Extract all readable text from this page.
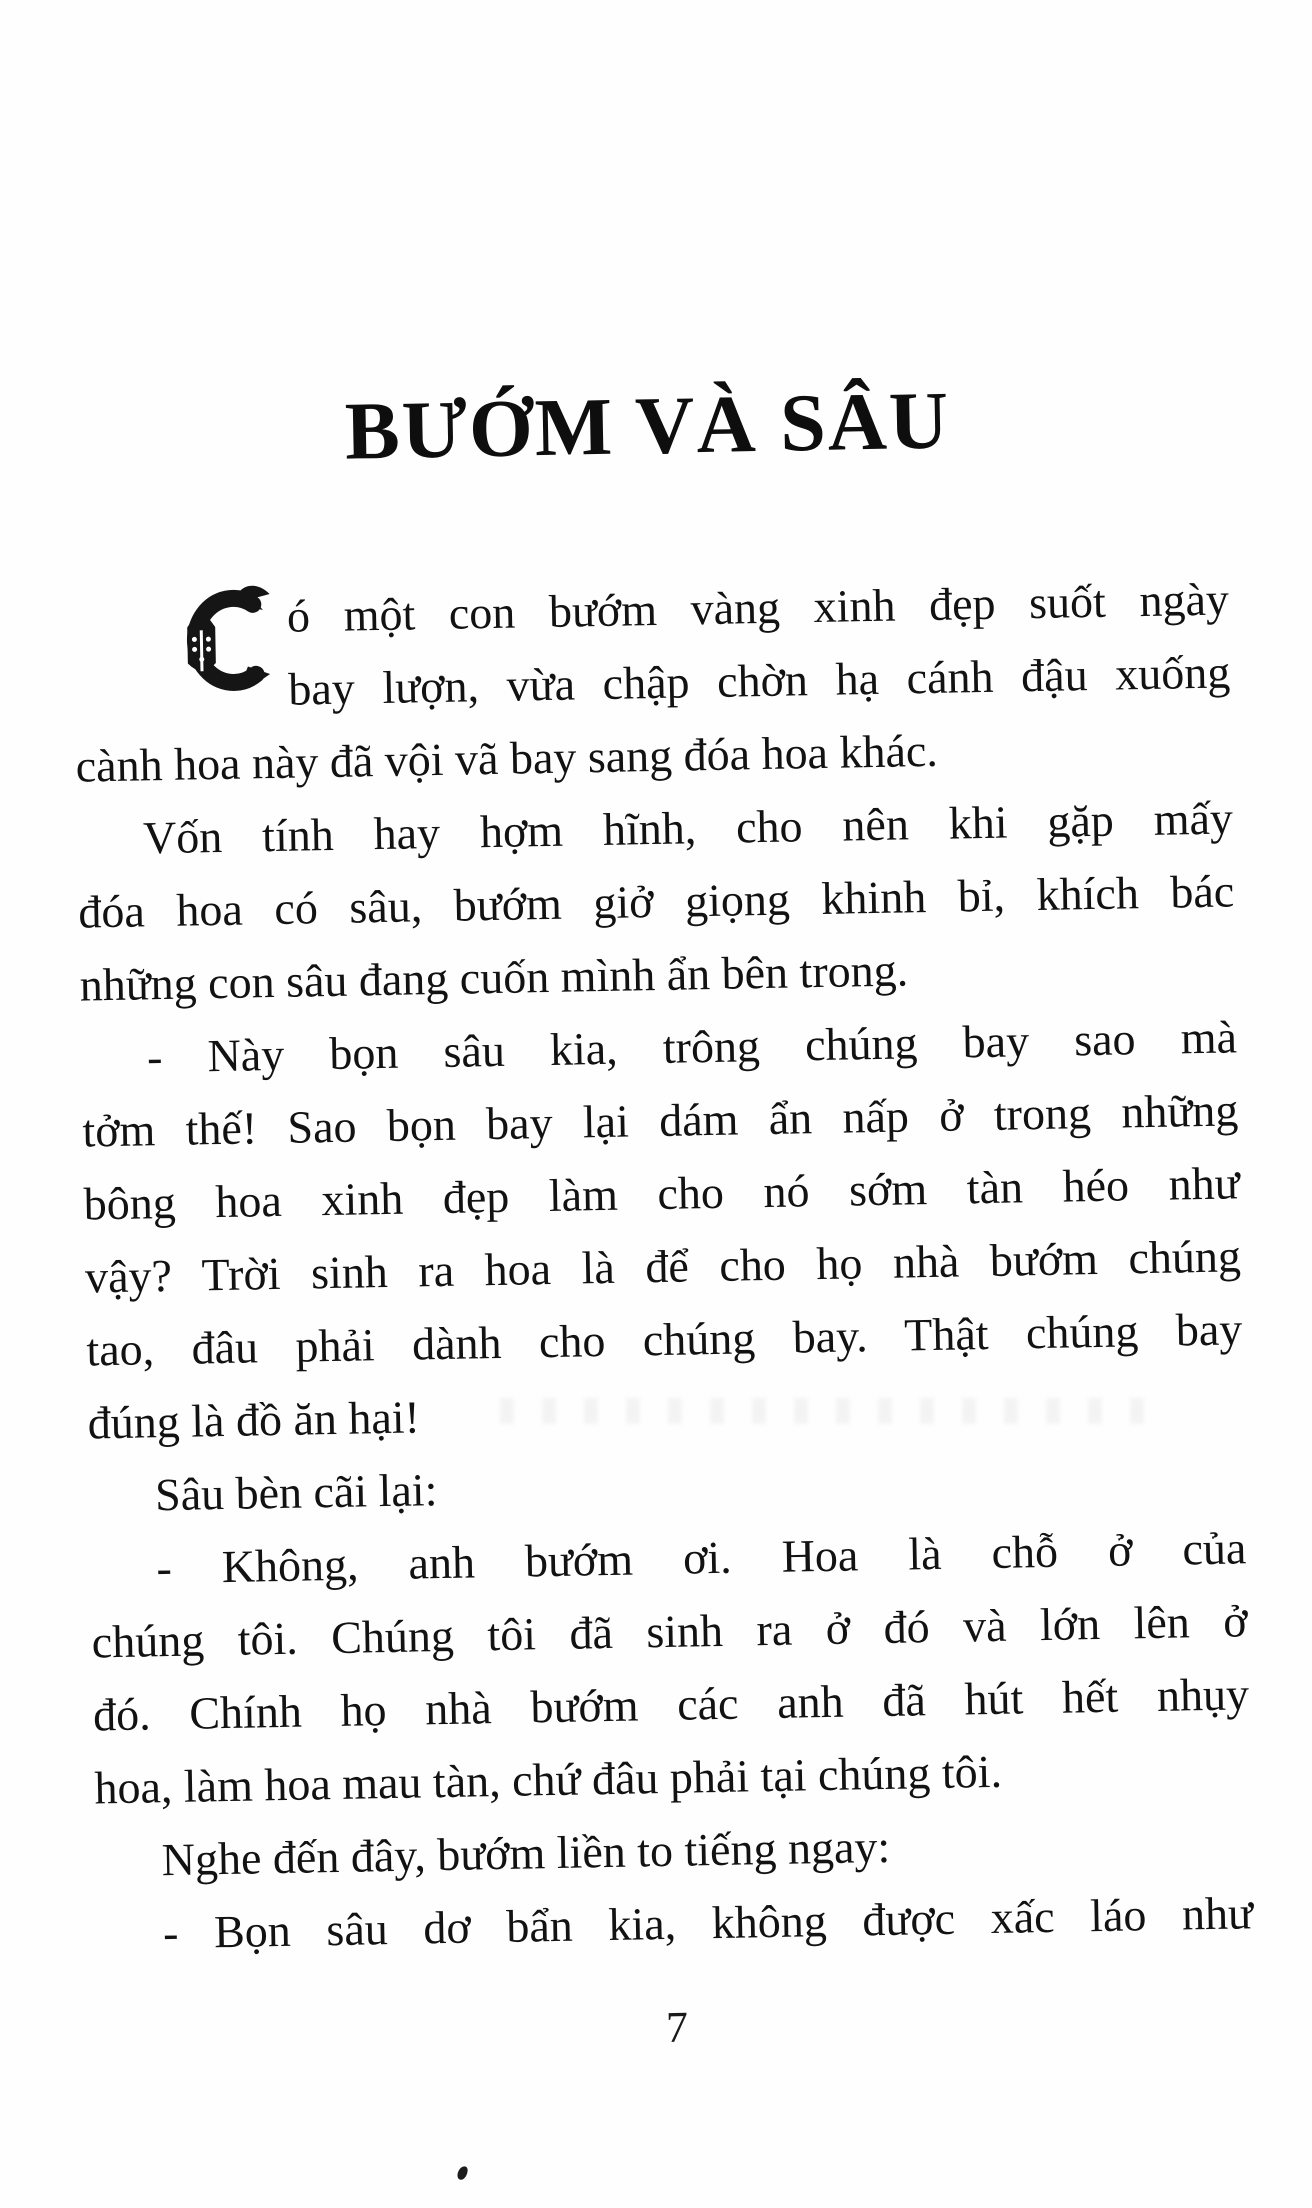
BƯỚM VÀ SÂU
ó một con bướm vàng xinh đẹp suốt ngày
bay lượn, vừa chập chờn hạ cánh đậu xuống
cành hoa này đã vội vã bay sang đóa hoa khác.
Vốn tính hay hợm hĩnh, cho nên khi gặp mấy
đóa hoa có sâu, bướm giở giọng khinh bỉ, khích bác
những con sâu đang cuốn mình ẩn bên trong.
- Này bọn sâu kia, trông chúng bay sao mà
tởm thế! Sao bọn bay lại dám ẩn nấp ở trong những
bông hoa xinh đẹp làm cho nó sớm tàn héo như
vậy? Trời sinh ra hoa là để cho họ nhà bướm chúng
tao, đâu phải dành cho chúng bay. Thật chúng bay
đúng là đồ ăn hại!
Sâu bèn cãi lại:
- Không, anh bướm ơi. Hoa là chỗ ở của
chúng tôi. Chúng tôi đã sinh ra ở đó và lớn lên ở
đó. Chính họ nhà bướm các anh đã hút hết nhụy
hoa, làm hoa mau tàn, chứ đâu phải tại chúng tôi.
Nghe đến đây, bướm liền to tiếng ngay:
- Bọn sâu dơ bẩn kia, không được xấc láo như
7
